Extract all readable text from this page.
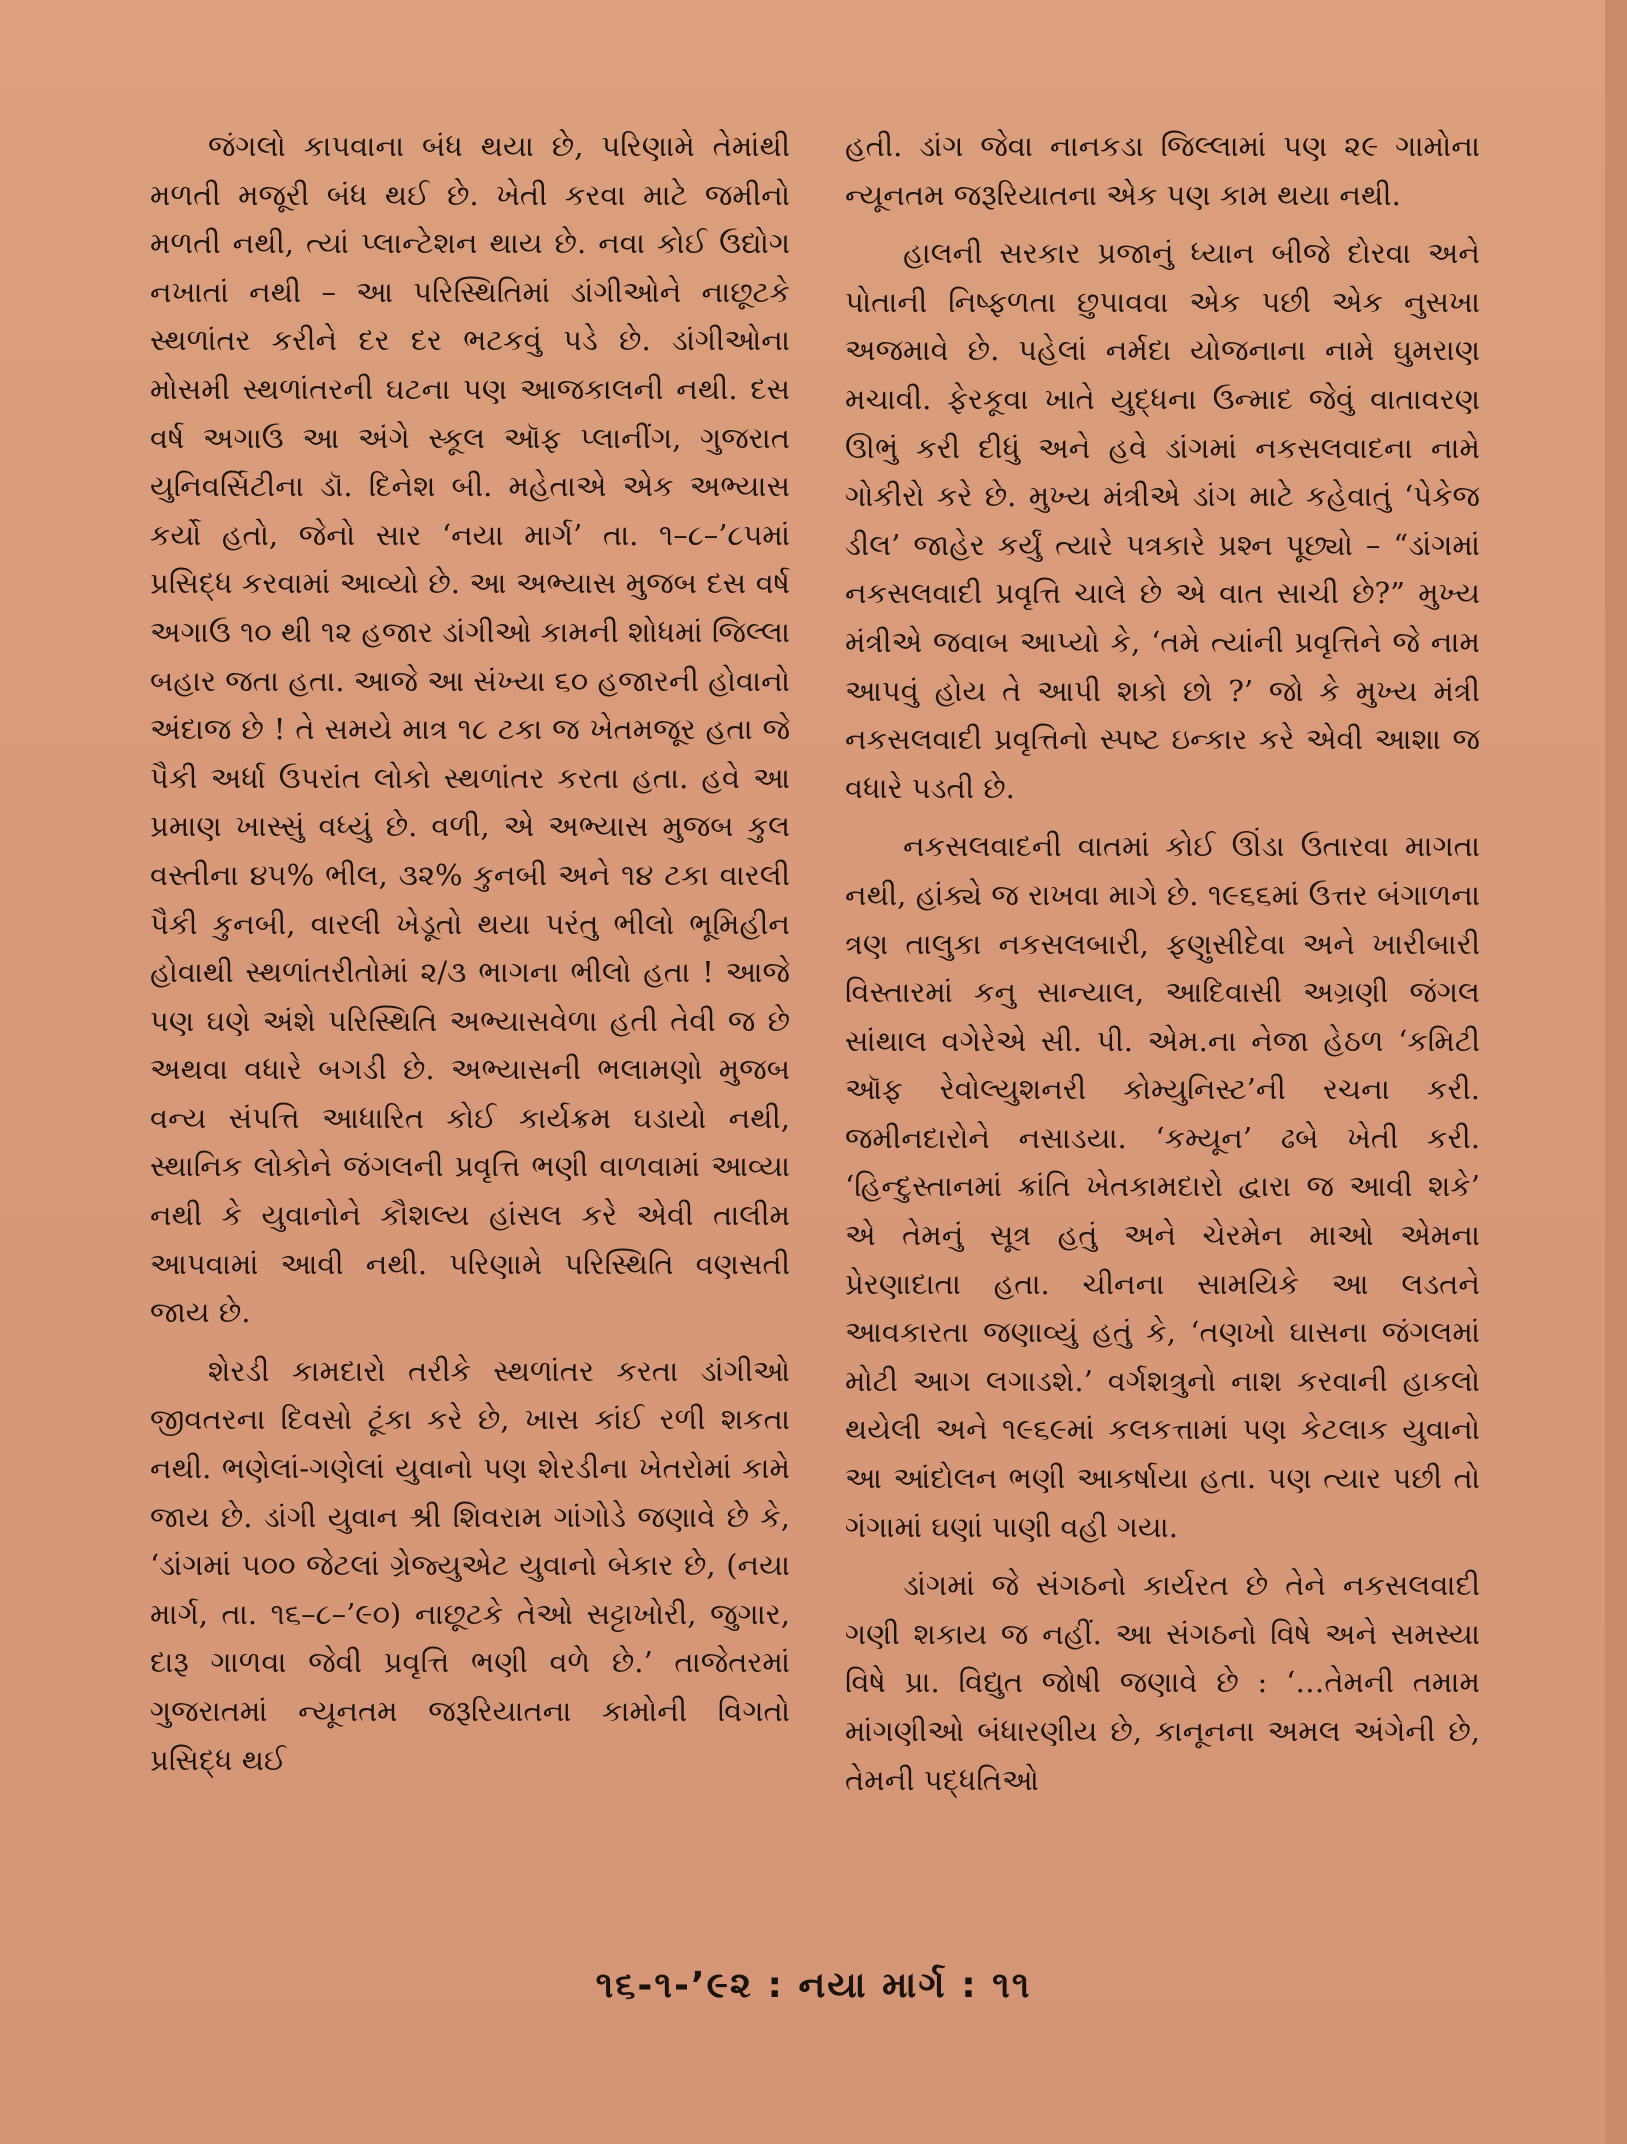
જંગલો કાપવાના બંધ થયા છે, પરિણામે તેમાંથી મળતી મજૂરી બંધ થઈ છે. ખેતી કરવા માટે જમીનો મળતી નથી, ત્યાં પ્લાન્ટેશન થાય છે. નવા કોઈ ઉદ્યોગ નખાતાં નથી – આ પરિસ્થિતિમાં ડાંગીઓને નાછૂટકે સ્થળાંતર કરીને દર દર ભટકવું પડે છે. ડાંગીઓના મોસમી સ્થળાંતરની ઘટના પણ આજકાલની નથી. દસ વર્ષ અગાઉ આ અંગે સ્કૂલ ઑફ પ્લાનીંગ, ગુજરાત યુનિવર્સિટીના ડૉ. દિનેશ બી. મહેતાએ એક અભ્યાસ કર્યો હતો, જેનો સાર ‘નયા માર્ગ’ તા. ૧–૮–’૮૫માં પ્રસિદ્ધ કરવામાં આવ્યો છે. આ અભ્યાસ મુજબ દસ વર્ષ અગાઉ ૧૦ થી ૧૨ હજાર ડાંગીઓ કામની શોધમાં જિલ્લા બહાર જતા હતા. આજે આ સંખ્યા ૬૦ હજારની હોવાનો અંદાજ છે ! તે સમયે માત્ર ૧૮ ટકા જ ખેતમજૂર હતા જે પૈકી અર્ધા ઉપરાંત લોકો સ્થળાંતર કરતા હતા. હવે આ પ્રમાણ ખાસ્સું વધ્યું છે. વળી, એ અભ્યાસ મુજબ કુલ વસ્તીના ૪૫% ભીલ, ૩૨% કુનબી અને ૧૪ ટકા વારલી પૈકી કુનબી, વારલી ખેડૂતો થયા પરંતુ ભીલો ભૂમિહીન હોવાથી સ્થળાંતરીતોમાં ૨/૩ ભાગના ભીલો હતા ! આજે પણ ઘણે અંશે પરિસ્થિતિ અભ્યાસવેળા હતી તેવી જ છે અથવા વધારે બગડી છે. અભ્યાસની ભલામણો મુજબ વન્ય સંપત્તિ આધારિત કોઈ કાર્યક્રમ ઘડાયો નથી, સ્થાનિક લોકોને જંગલની પ્રવૃત્તિ ભણી વાળવામાં આવ્યા નથી કે યુવાનોને કૌશલ્ય હાંસલ કરે એવી તાલીમ આપવામાં આવી નથી. પરિણામે પરિસ્થિતિ વણસતી જાય છે.

શેરડી કામદારો તરીકે સ્થળાંતર કરતા ડાંગીઓ જીવતરના દિવસો ટૂંકા કરે છે, ખાસ કાંઈ રળી શકતા નથી. ભણેલાં-ગણેલાં યુવાનો પણ શેરડીના ખેતરોમાં કામે જાય છે. ડાંગી યુવાન શ્રી શિવરામ ગાંગોડે જણાવે છે કે, ‘ડાંગમાં ૫૦૦ જેટલાં ગ્રેજ્યુએટ યુવાનો બેકાર છે, (નયા માર્ગ, તા. ૧૬–૮–’૯૦) નાછૂટકે તેઓ સટ્ટાખોરી, જુગાર, દારૂ ગાળવા જેવી પ્રવૃત્તિ ભણી વળે છે.’ તાજેતરમાં ગુજરાતમાં ન્યૂનતમ જરૂરિયાતના કામોની વિગતો પ્રસિદ્ધ થઈ

હતી. ડાંગ જેવા નાનકડા જિલ્લામાં પણ ૨૯ ગામોના ન્યૂનતમ જરૂરિયાતના એક પણ કામ થયા નથી.

હાલની સરકાર પ્રજાનું ધ્યાન બીજે દોરવા અને પોતાની નિષ્ફળતા છુપાવવા એક પછી એક નુસખા અજમાવે છે. પહેલાં નર્મદા યોજનાના નામે ઘુમરાણ મચાવી. ફેરકૂવા ખાતે યુદ્ધના ઉન્માદ જેવું વાતાવરણ ઊભું કરી દીધું અને હવે ડાંગમાં નકસલવાદના નામે ગોકીરો કરે છે. મુખ્ય મંત્રીએ ડાંગ માટે કહેવાતું ‘પેકેજ ડીલ’ જાહેર કર્યું ત્યારે પત્રકારે પ્રશ્ન પૂછ્યો – “ડાંગમાં નકસલવાદી પ્રવૃત્તિ ચાલે છે એ વાત સાચી છે?” મુખ્ય મંત્રીએ જવાબ આપ્યો કે, ‘તમે ત્યાંની પ્રવૃત્તિને જે નામ આપવું હોય તે આપી શકો છો ?’ જો કે મુખ્ય મંત્રી નકસલવાદી પ્રવૃત્તિનો સ્પષ્ટ ઇન્કાર કરે એવી આશા જ વધારે પડતી છે.

નકસલવાદની વાતમાં કોઈ ઊંડા ઉતારવા માગતા નથી, હાંક્યે જ રાખવા માગે છે. ૧૯૬૬માં ઉત્તર બંગાળના ત્રણ તાલુકા નકસલબારી, ફણુસીદેવા અને ખારીબારી વિસ્તારમાં કનુ સાન્યાલ, આદિવાસી અગ્રણી જંગલ સાંથાલ વગેરેએ સી. પી. એમ.ના નેજા હેઠળ ‘કમિટી ઑફ રેવોલ્યુશનરી કોમ્યુનિસ્ટ’ની રચના કરી. જમીનદારોને નસાડયા. ‘કમ્યૂન’ ઢબે ખેતી કરી. ‘હિન્દુસ્તાનમાં ક્રાંતિ ખેતકામદારો દ્વારા જ આવી શકે’ એ તેમનું સૂત્ર હતું અને ચેરમેન માઓ એમના પ્રેરણાદાતા હતા. ચીનના સામયિકે આ લડતને આવકારતા જણાવ્યું હતું કે, ‘તણખો ઘાસના જંગલમાં મોટી આગ લગાડશે.’ વર્ગશત્રુનો નાશ કરવાની હાકલો થયેલી અને ૧૯૬૯માં કલકત્તામાં પણ કેટલાક યુવાનો આ આંદોલન ભણી આકર્ષાયા હતા. પણ ત્યાર પછી તો ગંગામાં ઘણાં પાણી વહી ગયા.

ડાંગમાં જે સંગઠનો કાર્યરત છે તેને નકસલવાદી ગણી શકાય જ નહીં. આ સંગઠનો વિષે અને સમસ્યા વિષે પ્રા. વિદ્યુત જોષી જણાવે છે : ‘…તેમની તમામ માંગણીઓ બંધારણીય છે, કાનૂનના અમલ અંગેની છે, તેમની પદ્ધતિઓ

૧૬-૧-’૯૨ : નયા માર્ગ : ૧૧
